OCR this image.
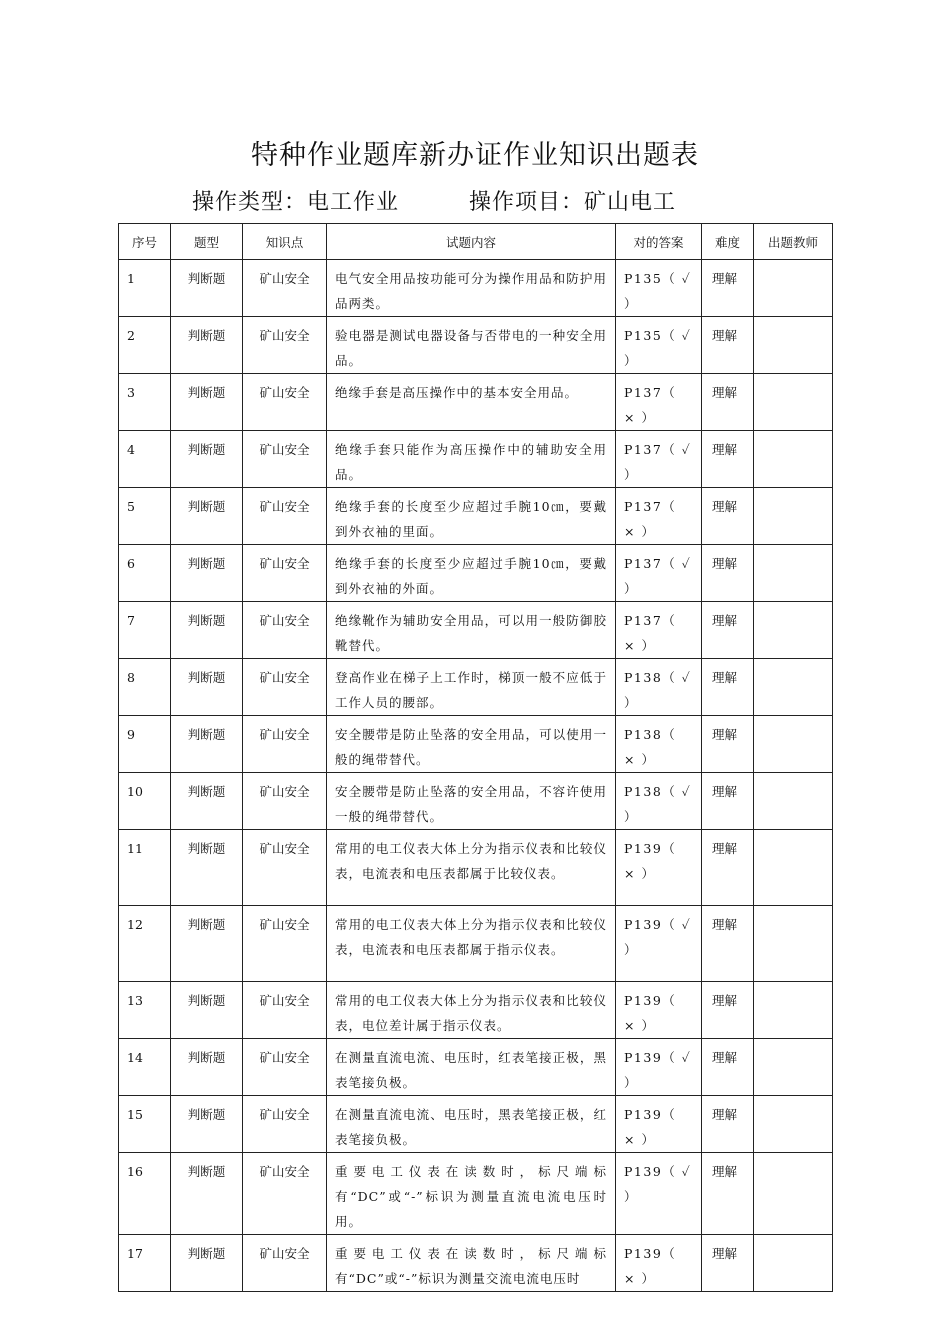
特种作业题库新办证作业知识出题表
操作类型：电工作业	操作项目：矿山电工
序号	题型	知识点	试题内容	对的答案	难度	出题教师
1	判断题	矿山安全	电气安全用品按功能可分为操作用品和防护用品两类。	P135（ ✓ ）	理解	
2	判断题	矿山安全	验电器是测试电器设备与否带电的一种安全用品。	P135（ ✓ ）	理解	
3	判断题	矿山安全	绝缘手套是高压操作中的基本安全用品。	P137（ × ）	理解	
4	判断题	矿山安全	绝缘手套只能作为高压操作中的辅助安全用品。	P137（ ✓ ）	理解	
5	判断题	矿山安全	绝缘手套的长度至少应超过手腕10㎝，要戴到外衣袖的里面。	P137（ × ）	理解	
6	判断题	矿山安全	绝缘手套的长度至少应超过手腕10㎝，要戴到外衣袖的外面。	P137（ ✓ ）	理解	
7	判断题	矿山安全	绝缘靴作为辅助安全用品，可以用一般防御胶靴替代。	P137（ × ）	理解	
8	判断题	矿山安全	登高作业在梯子上工作时，梯顶一般不应低于工作人员的腰部。	P138（ ✓ ）	理解	
9	判断题	矿山安全	安全腰带是防止坠落的安全用品，可以使用一般的绳带替代。	P138（ × ）	理解	
10	判断题	矿山安全	安全腰带是防止坠落的安全用品，不容许使用一般的绳带替代。	P138（ ✓ ）	理解	
11	判断题	矿山安全	常用的电工仪表大体上分为指示仪表和比较仪表，电流表和电压表都属于比较仪表。	P139（ × ）	理解	
12	判断题	矿山安全	常用的电工仪表大体上分为指示仪表和比较仪表，电流表和电压表都属于指示仪表。	P139（ ✓ ）	理解	
13	判断题	矿山安全	常用的电工仪表大体上分为指示仪表和比较仪表，电位差计属于指示仪表。	P139（ × ）	理解	
14	判断题	矿山安全	在测量直流电流、电压时，红表笔接正极，黑表笔接负极。	P139（ ✓ ）	理解	
15	判断题	矿山安全	在测量直流电流、电压时，黑表笔接正极，红表笔接负极。	P139（ × ）	理解	
16	判断题	矿山安全	重要电工仪表在读数时，标尺端标有“DC”或“-”标识为测量直流电流电压时用。	P139（ ✓ ）	理解	
17	判断题	矿山安全	重要电工仪表在读数时，标尺端标有“DC”或“-”标识为测量交流电流电压时	P139（ × ）	理解	
